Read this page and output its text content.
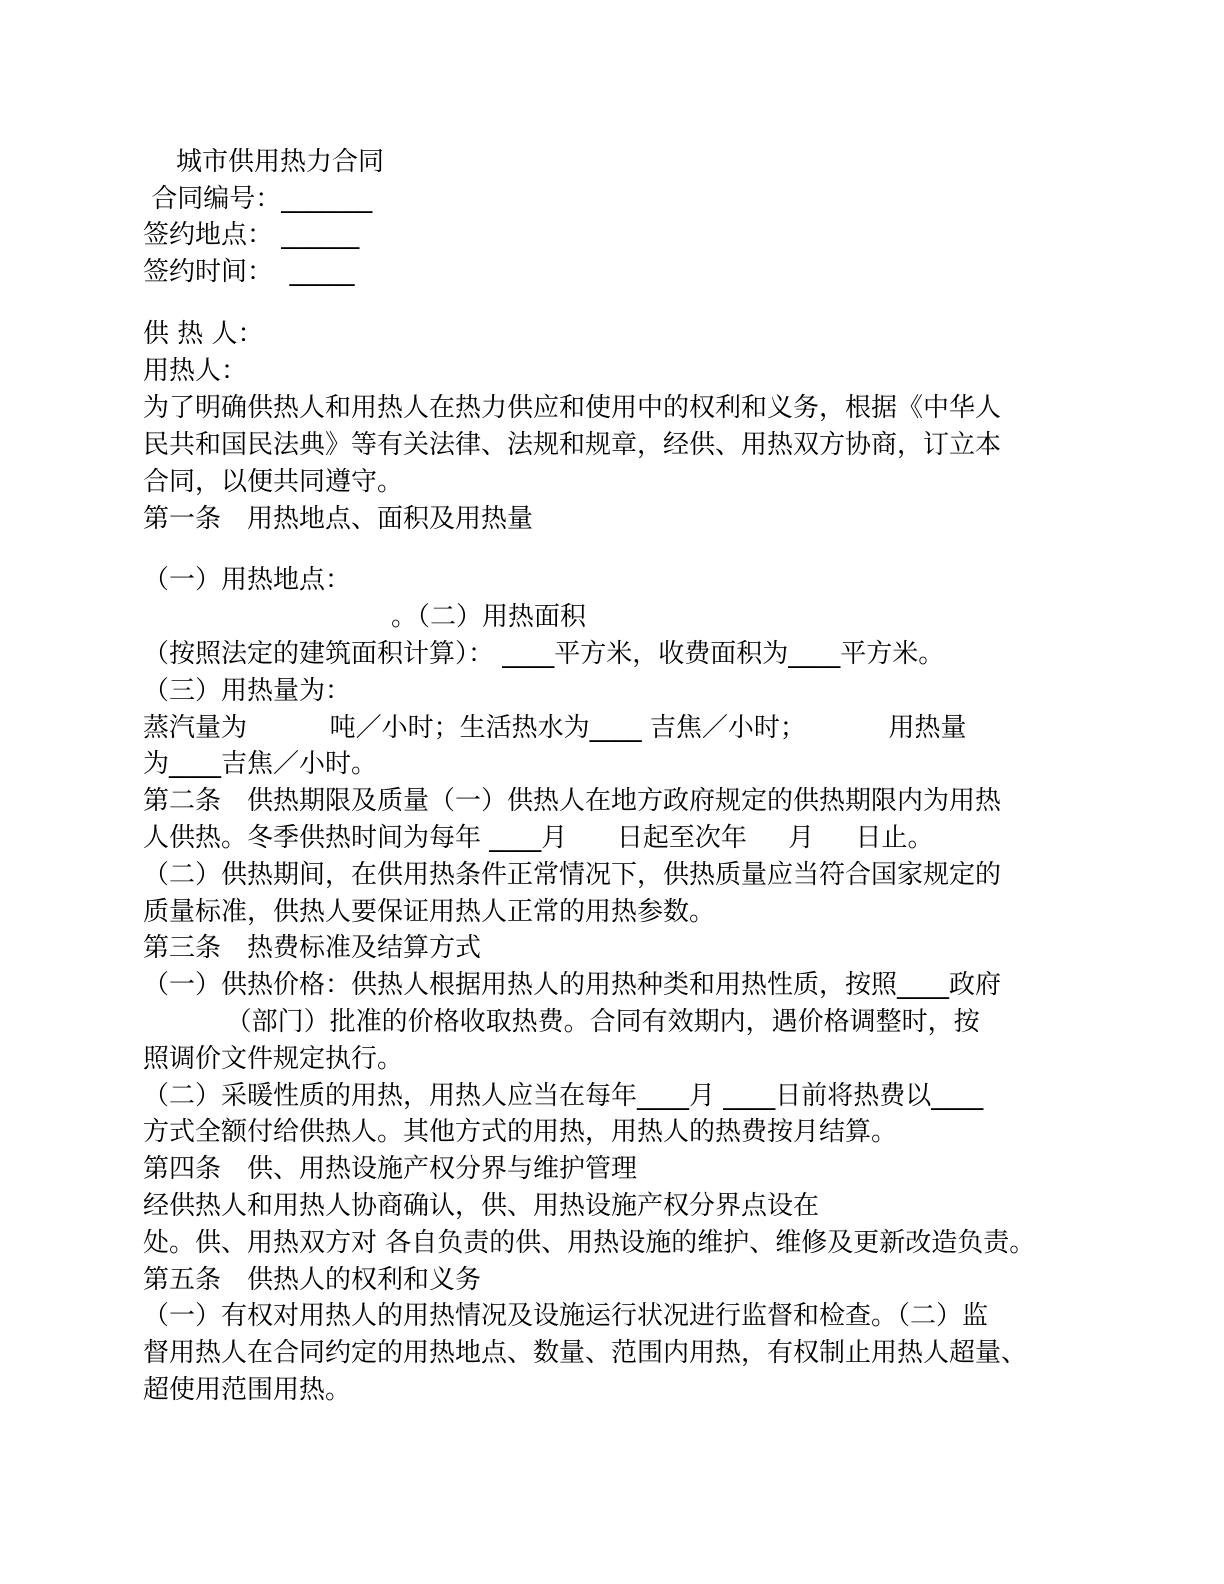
城市供用热力合同

合同编号：_______

签约地点： ______

签约时间：  _____

供 热 人：

用热人：

为了明确供热人和用热人在热力供应和使用中的权利和义务，根据《中华人

民共和国民法典》等有关法律、法规和规章，经供、用热双方协商，订立本

合同，以便共同遵守。

第一条　用热地点、面积及用热量

（一）用热地点：

。（二）用热面积

（按照法定的建筑面积计算）： ____平方米，收费面积为____平方米。

（三）用热量为：

蒸汽量为          吨／小时；生活热水为____ 吉焦／小时；          用热量

为____吉焦／小时。

第二条　供热期限及质量（一）供热人在地方政府规定的供热期限内为用热

人供热。冬季供热时间为每年 ____月      日起至次年     月     日止。

（二）供热期间，在供用热条件正常情况下，供热质量应当符合国家规定的

质量标准，供热人要保证用热人正常的用热参数。

第三条　热费标准及结算方式

（一）供热价格：供热人根据用热人的用热种类和用热性质，按照____政府

（部门）批准的价格收取热费。合同有效期内，遇价格调整时，按

照调价文件规定执行。

（二）采暖性质的用热，用热人应当在每年____月 ____日前将热费以____

方式全额付给供热人。其他方式的用热，用热人的热费按月结算。

第四条　供、用热设施产权分界与维护管理

经供热人和用热人协商确认，供、用热设施产权分界点设在

处。供、用热双方对 各自负责的供、用热设施的维护、维修及更新改造负责。

第五条　供热人的权利和义务

（一）有权对用热人的用热情况及设施运行状况进行监督和检查。（二）监

督用热人在合同约定的用热地点、数量、范围内用热，有权制止用热人超量、

超使用范围用热。
